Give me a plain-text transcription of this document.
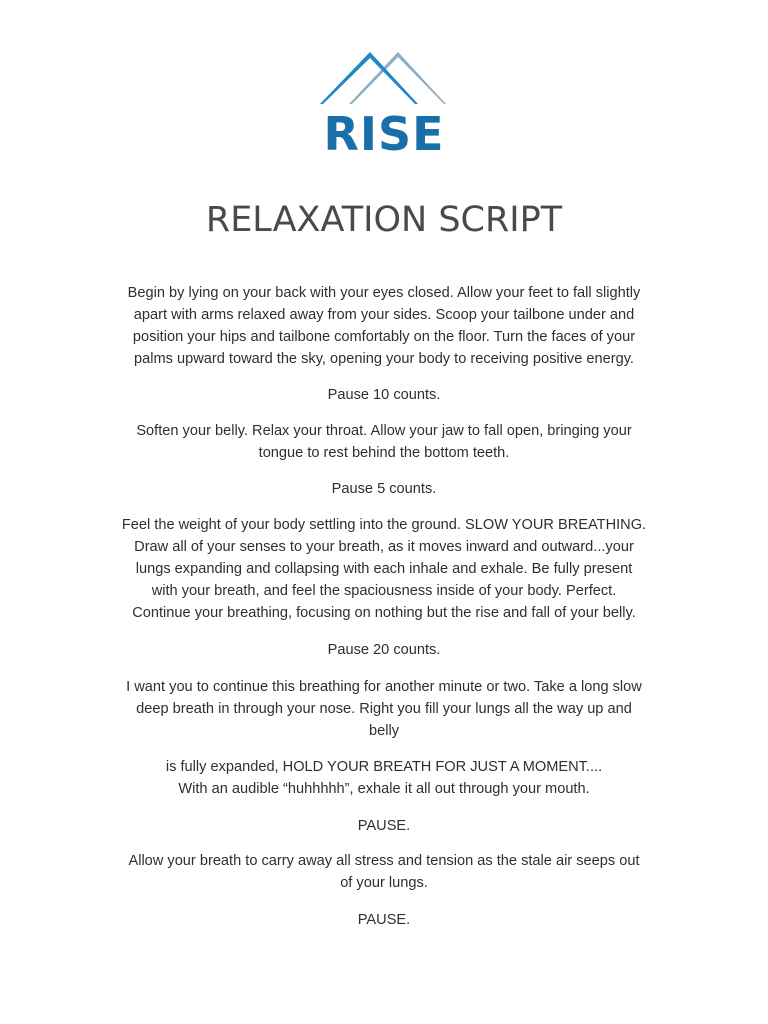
RISE
RELAXATION SCRIPT
Begin by lying on your back with your eyes closed. Allow your feet to fall slightly
apart with arms relaxed away from your sides. Scoop your tailbone under and
position your hips and tailbone comfortably on the floor. Turn the faces of your
palms upward toward the sky, opening your body to receiving positive energy.
Pause 10 counts.
Soften your belly. Relax your throat. Allow your jaw to fall open, bringing your
tongue to rest behind the bottom teeth.
Pause 5 counts.
Feel the weight of your body settling into the ground. SLOW YOUR BREATHING.
Draw all of your senses to your breath, as it moves inward and outward...your
lungs expanding and collapsing with each inhale and exhale. Be fully present
with your breath, and feel the spaciousness inside of your body. Perfect.
Continue your breathing, focusing on nothing but the rise and fall of your belly.
Pause 20 counts.
I want you to continue this breathing for another minute or two. Take a long slow
deep breath in through your nose. Right you fill your lungs all the way up and
belly
is fully expanded, HOLD YOUR BREATH FOR JUST A MOMENT....
With an audible “huhhhhh”, exhale it all out through your mouth.
PAUSE.
Allow your breath to carry away all stress and tension as the stale air seeps out
of your lungs.
PAUSE.
